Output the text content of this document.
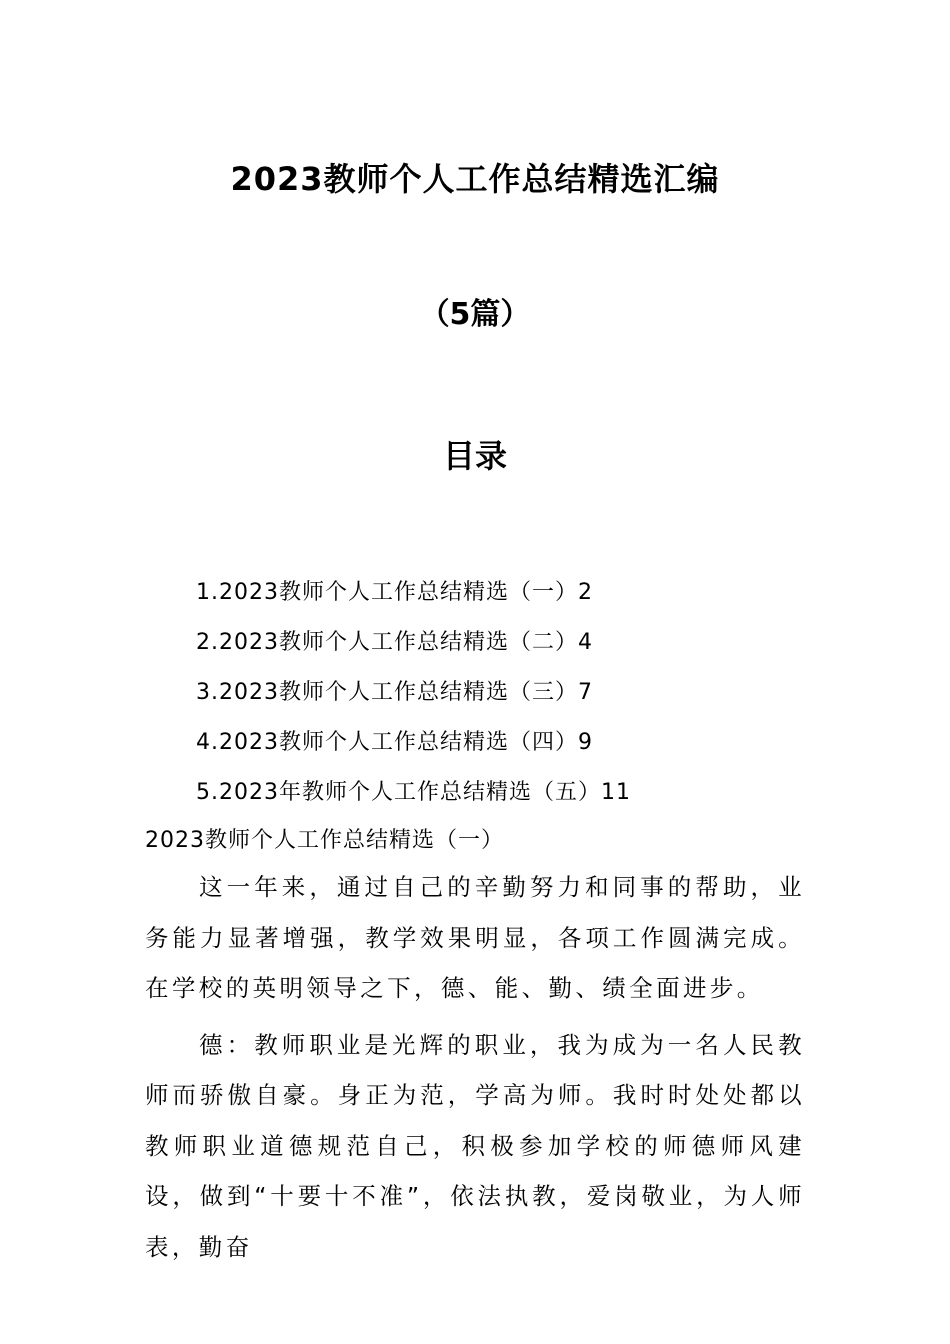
2023教师个人工作总结精选汇编
（5篇）
目录
1.2023教师个人工作总结精选（一）2
2.2023教师个人工作总结精选（二）4
3.2023教师个人工作总结精选（三）7
4.2023教师个人工作总结精选（四）9
5.2023年教师个人工作总结精选（五）11
2023教师个人工作总结精选（一）

这一年来，通过自己的辛勤努力和同事的帮助，业务能力显著增强，教学效果明显，各项工作圆满完成。在学校的英明领导之下，德、能、勤、绩全面进步。

德：教师职业是光辉的职业，我为成为一名人民教师而骄傲自豪。身正为范，学高为师。我时时处处都以教师职业道德规范自己，积极参加学校的师德师风建设，做到“十要十不准”，依法执教，爱岗敬业，为人师表，勤奋
